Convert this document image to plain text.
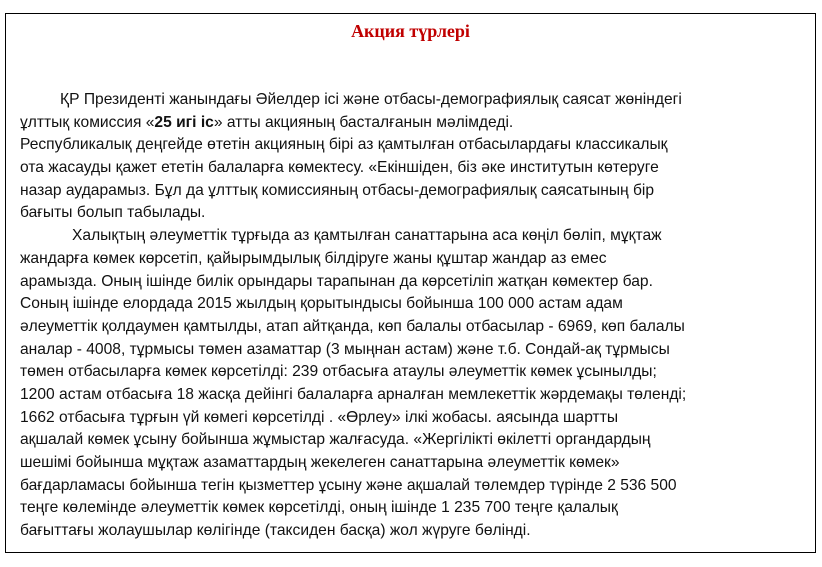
Акция түрлері
ҚР Президенті жанындағы Әйелдер ісі және отбасы-демографиялық саясат жөніндегі
ұлттық комиссия «25 игі іс» атты акцияның басталғанын мәлімдеді.
Республикалық деңгейде өтетін акцияның бірі аз қамтылған отбасылардағы классикалық
ота жасауды қажет ететін балаларға көмектесу. «Екіншіден, біз әке институтын көтеруге
назар аударамыз. Бұл да ұлттық комиссияның отбасы-демографиялық саясатының бір
бағыты болып табылады.
Халықтың әлеуметтік тұрғыда аз қамтылған санаттарына аса көңіл бөліп, мұқтаж
жандарға көмек көрсетіп, қайырымдылық білдіруге жаны құштар жандар аз емес
арамызда. Оның ішінде билік орындары тарапынан да көрсетіліп жатқан көмектер бар.
Соның ішінде елордада 2015 жылдың қорытындысы бойынша 100 000 астам адам
әлеуметтік қолдаумен қамтылды, атап айтқанда, көп балалы отбасылар - 6969, көп балалы
аналар - 4008, тұрмысы төмен азаматтар (3 мыңнан астам) және т.б. Сондай-ақ тұрмысы
төмен отбасыларға көмек көрсетілді: 239 отбасыға атаулы әлеуметтік көмек ұсынылды;
1200 астам отбасыға 18 жасқа дейінгі балаларға арналған мемлекеттік жәрдемақы төленді;
1662 отбасыға тұрғын үй көмегі көрсетілді . «Өрлеу» ілкі жобасы. аясында шартты
ақшалай көмек ұсыну бойынша жұмыстар жалғасуда. «Жергілікті өкілетті органдардың
шешімі бойынша мұқтаж азаматтардың жекелеген санаттарына әлеуметтік көмек»
бағдарламасы бойынша тегін қызметтер ұсыну және ақшалай төлемдер түрінде 2 536 500
теңге көлемінде әлеуметтік көмек көрсетілді, оның ішінде 1 235 700 теңге қалалық
бағыттағы жолаушылар көлігінде (таксиден басқа) жол жүруге бөлінді.
